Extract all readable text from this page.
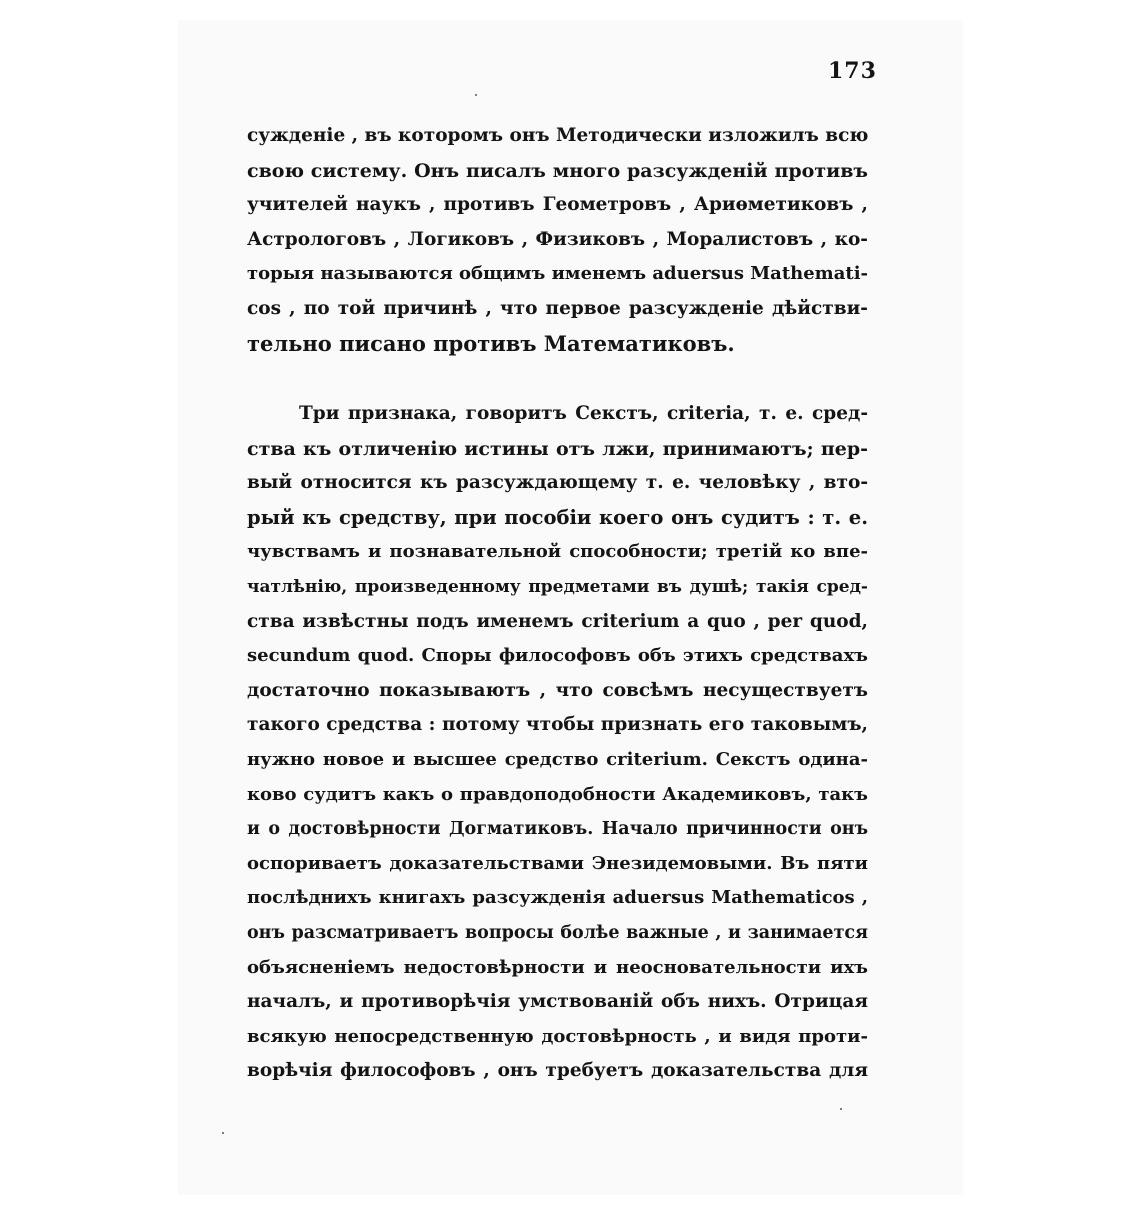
173
сужденіе , въ которомъ онъ Методически изложилъ всю
свою систему. Онъ писалъ много разсужденій противъ
учителей наукъ , противъ Геометровъ , Ариѳметиковъ ,
Астрологовъ , Логиковъ , Физиковъ , Моралистовъ , ко-
торыя называются общимъ именемъ aduersus Mathemati-
cos , по той причинѣ , что первое разсужденіе дѣйстви-
тельно писано противъ Математиковъ.
Три признака, говоритъ Секстъ, criteria, т. е. сред-
ства къ отличенію истины отъ лжи, принимаютъ; пер-
вый относится къ разсуждающему т. е. человѣку , вто-
рый къ средству, при пособіи коего онъ судитъ : т. е.
чувствамъ и познавательной способности; третій ко впе-
чатлѣнію, произведенному предметами въ душѣ; такія сред-
ства извѣстны подъ именемъ criterium a quo , per quod,
secundum quod. Споры философовъ объ этихъ средствахъ
достаточно показываютъ , что совсѣмъ несуществуетъ
такого средства : потому чтобы признать его таковымъ,
нужно новое и высшее средство criterium. Секстъ одина-
ково судитъ какъ о правдоподобности Академиковъ, такъ
и о достовѣрности Догматиковъ. Начало причинности онъ
оспориваетъ доказательствами Энезидемовыми. Въ пяти
послѣднихъ книгахъ разсужденія aduersus Mathematicos ,
онъ разсматриваетъ вопросы болѣе важные , и занимается
объясненіемъ недостовѣрности и неосновательности ихъ
началъ, и противорѣчія умствованій объ нихъ. Отрицая
всякую непосредственную достовѣрность , и видя проти-
ворѣчія философовъ , онъ требуетъ доказательства для
